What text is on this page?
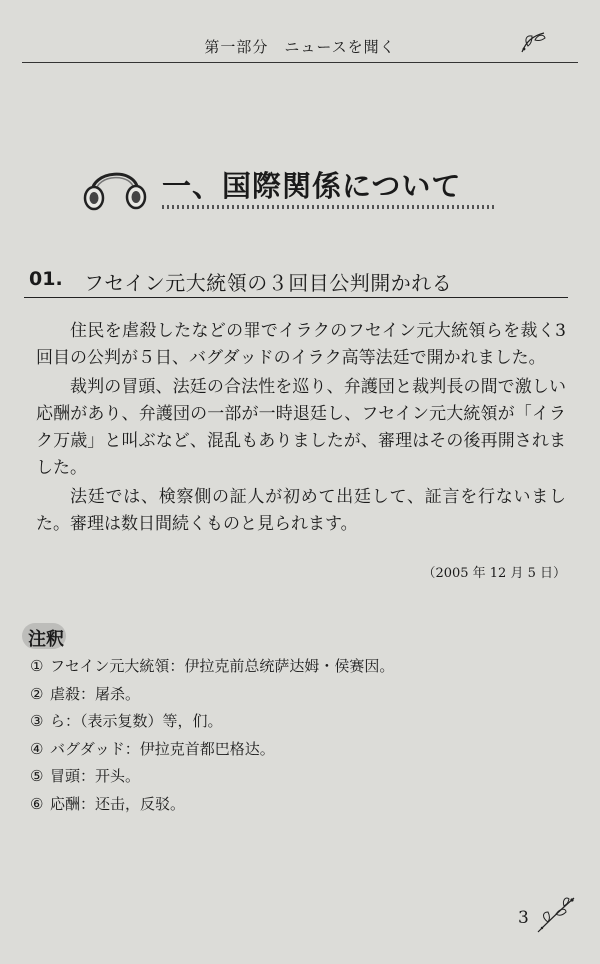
第一部分　ニュースを聞く
一、国際関係について
01. フセイン元大統領の３回目公判開かれる

住民を虐殺したなどの罪でイラクのフセイン元大統領らを裁く3回目の公判が５日、バグダッドのイラク高等法廷で開かれました。

裁判の冒頭、法廷の合法性を巡り、弁護団と裁判長の間で激しい応酬があり、弁護団の一部が一時退廷し、フセイン元大統領が「イラク万歳」と叫ぶなど、混乱もありましたが、審理はその後再開されました。

法廷では、検察側の証人が初めて出廷して、証言を行ないました。審理は数日間続くものと見られます。

（2005 年 12 月 5 日）
注釈
① フセイン元大統領：伊拉克前总统萨达姆・侯赛因。
② 虐殺：屠杀。
③ ら：（表示复数）等，们。
④ バグダッド：伊拉克首都巴格达。
⑤ 冒頭：开头。
⑥ 応酬：还击，反驳。
3
